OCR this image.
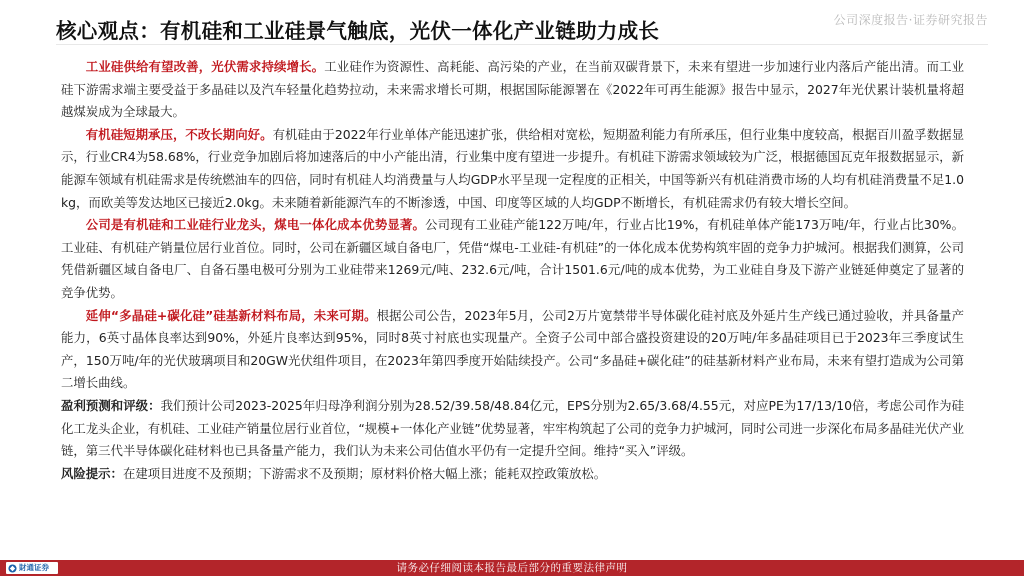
核心观点：有机硅和工业硅景气触底，光伏一体化产业链助力成长	公司深度报告·证券研究报告

工业硅供给有望改善，光伏需求持续增长。工业硅作为资源性、高耗能、高污染的产业，在当前双碳背景下，未来有望进一步加速行业内落后产能出清。而工业硅下游需求端主要受益于多晶硅以及汽车轻量化趋势拉动，未来需求增长可期，根据国际能源署在《2022年可再生能源》报告中显示，2027年光伏累计装机量将超越煤炭成为全球最大。

有机硅短期承压，不改长期向好。有机硅由于2022年行业单体产能迅速扩张，供给相对宽松，短期盈利能力有所承压，但行业集中度较高，根据百川盈孚数据显示，行业CR4为58.68%，行业竞争加剧后将加速落后的中小产能出清，行业集中度有望进一步提升。有机硅下游需求领域较为广泛，根据德国瓦克年报数据显示，新能源车领域有机硅需求是传统燃油车的四倍，同时有机硅人均消费量与人均GDP水平呈现一定程度的正相关，中国等新兴有机硅消费市场的人均有机硅消费量不足1.0kg，而欧美等发达地区已接近2.0kg。未来随着新能源汽车的不断渗透，中国、印度等区域的人均GDP不断增长，有机硅需求仍有较大增长空间。

公司是有机硅和工业硅行业龙头，煤电一体化成本优势显著。公司现有工业硅产能122万吨/年，行业占比19%，有机硅单体产能173万吨/年，行业占比30%。工业硅、有机硅产销量位居行业首位。同时，公司在新疆区域自备电厂，凭借“煤电-工业硅-有机硅”的一体化成本优势构筑牢固的竞争力护城河。根据我们测算，公司凭借新疆区域自备电厂、自备石墨电极可分别为工业硅带来1269元/吨、232.6元/吨，合计1501.6元/吨的成本优势，为工业硅自身及下游产业链延伸奠定了显著的竞争优势。

延伸“多晶硅+碳化硅”硅基新材料布局，未来可期。根据公司公告，2023年5月，公司2万片宽禁带半导体碳化硅衬底及外延片生产线已通过验收，并具备量产能力，6英寸晶体良率达到90%，外延片良率达到95%，同时8英寸衬底也实现量产。全资子公司中部合盛投资建设的20万吨/年多晶硅项目已于2023年三季度试生产，150万吨/年的光伏玻璃项目和20GW光伏组件项目，在2023年第四季度开始陆续投产。公司“多晶硅+碳化硅”的硅基新材料产业布局，未来有望打造成为公司第二增长曲线。

盈利预测和评级：我们预计公司2023-2025年归母净利润分别为28.52/39.58/48.84亿元，EPS分别为2.65/3.68/4.55元，对应PE为17/13/10倍，考虑公司作为硅化工龙头企业，有机硅、工业硅产销量位居行业首位，“规模+一体化产业链”优势显著，牢牢构筑起了公司的竞争力护城河，同时公司进一步深化布局多晶硅光伏产业链，第三代半导体碳化硅材料也已具备量产能力，我们认为未来公司估值水平仍有一定提升空间。维持“买入”评级。

风险提示：在建项目进度不及预期；下游需求不及预期；原材料价格大幅上涨；能耗双控政策放松。

请务必仔细阅读本报告最后部分的重要法律声明
財通证券
